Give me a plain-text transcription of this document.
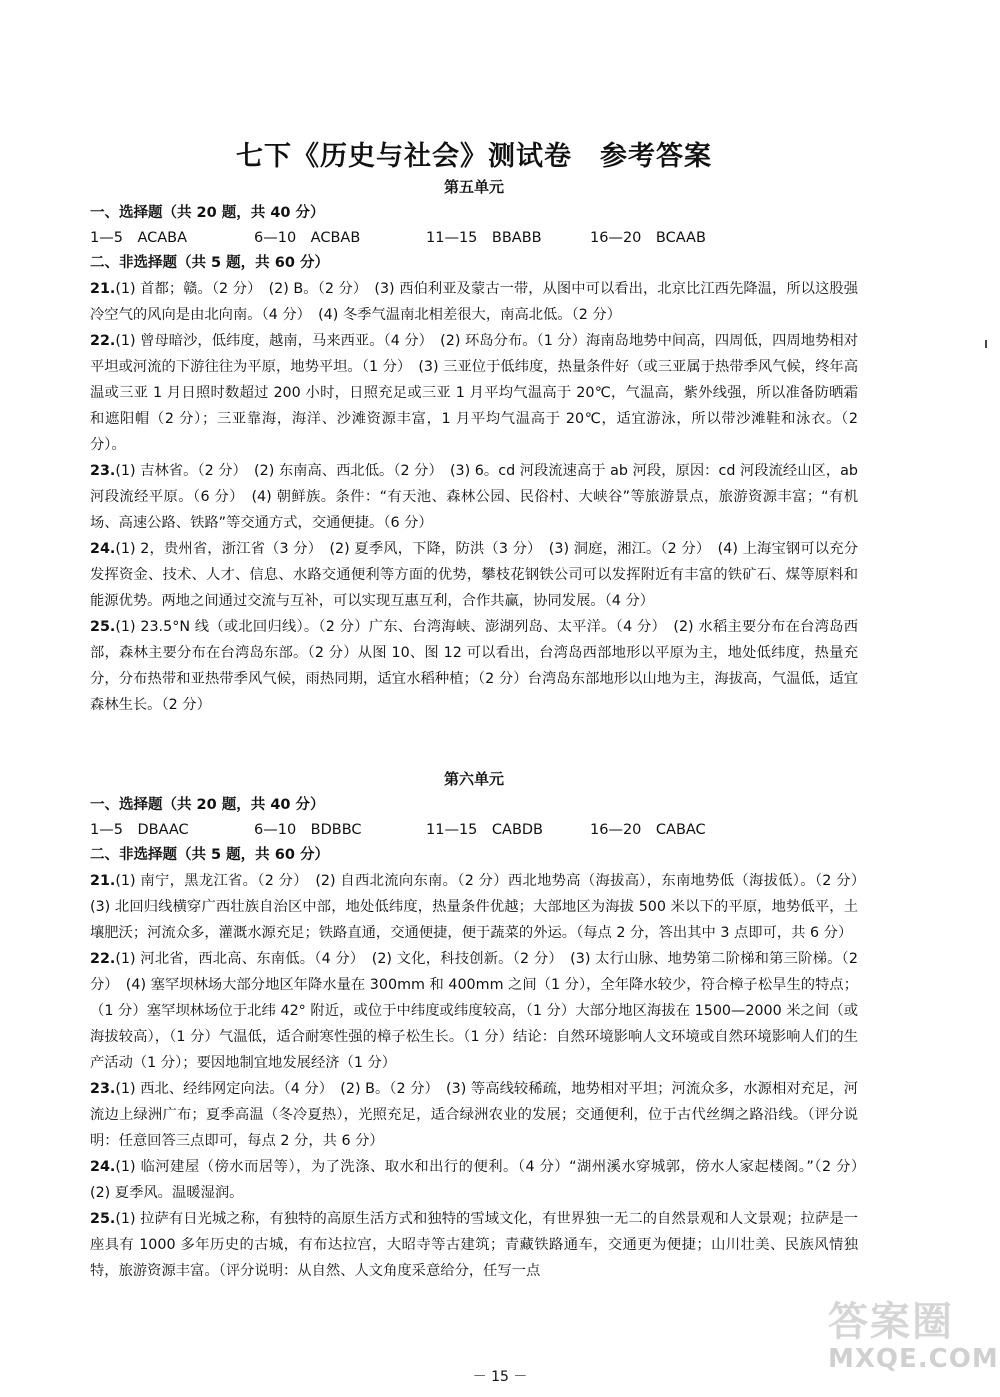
七下《历史与社会》测试卷　参考答案

第五单元

一、选择题（共 20 题，共 40 分）

1—5　ACABA	6—10　ACBAB	11—15　BBABB	16—20　BCAAB

二、非选择题（共 5 题，共 60 分）

21.(1) 首都；赣。（2 分）　(2) B。（2 分）　(3) 西伯利亚及蒙古一带，从图中可以看出，北京比江西先降温，所以这股强冷空气的风向是由北向南。（4 分）　(4) 冬季气温南北相差很大，南高北低。（2 分）

22.(1) 曾母暗沙，低纬度，越南，马来西亚。（4 分）　(2) 环岛分布。（1 分）海南岛地势中间高，四周低，四周地势相对平坦或河流的下游往往为平原，地势平坦。（1 分）　(3) 三亚位于低纬度，热量条件好（或三亚属于热带季风气候，终年高温或三亚 1 月日照时数超过 200 小时，日照充足或三亚 1 月平均气温高于 20℃，气温高，紫外线强，所以准备防晒霜和遮阳帽（2 分）；三亚靠海，海洋、沙滩资源丰富，1 月平均气温高于 20℃，适宜游泳，所以带沙滩鞋和泳衣。（2 分）。

23.(1) 吉林省。（2 分）　(2) 东南高、西北低。（2 分）　(3) 6。cd 河段流速高于 ab 河段，原因：cd 河段流经山区，ab 河段流经平原。（6 分）　(4) 朝鲜族。条件：“有天池、森林公园、民俗村、大峡谷”等旅游景点，旅游资源丰富；“有机场、高速公路、铁路”等交通方式，交通便捷。（6 分）

24.(1) 2，贵州省，浙江省（3 分）　(2) 夏季风，下降，防洪（3 分）　(3) 洞庭，湘江。（2 分）　(4) 上海宝钢可以充分发挥资金、技术、人才、信息、水路交通便利等方面的优势，攀枝花钢铁公司可以发挥附近有丰富的铁矿石、煤等原料和能源优势。两地之间通过交流与互补，可以实现互惠互利，合作共赢，协同发展。（4 分）

25.(1) 23.5°N 线（或北回归线）。（2 分）广东、台湾海峡、澎湖列岛、太平洋。（4 分）　(2) 水稻主要分布在台湾岛西部，森林主要分布在台湾岛东部。（2 分）从图 10、图 12 可以看出，台湾岛西部地形以平原为主，地处低纬度，热量充分，分布热带和亚热带季风气候，雨热同期，适宜水稻种植；（2 分）台湾岛东部地形以山地为主，海拔高，气温低，适宜森林生长。（2 分）

第六单元

一、选择题（共 20 题，共 40 分）

1—5　DBAAC	6—10　BDBBC	11—15　CABDB	16—20　CABAC

二、非选择题（共 5 题，共 60 分）

21.(1) 南宁，黑龙江省。（2 分）　(2) 自西北流向东南。（2 分）西北地势高（海拔高），东南地势低（海拔低）。（2 分）　(3) 北回归线横穿广西壮族自治区中部，地处低纬度，热量条件优越；大部地区为海拔 500 米以下的平原，地势低平，土壤肥沃；河流众多，灌溉水源充足；铁路直通，交通便捷，便于蔬菜的外运。（每点 2 分，答出其中 3 点即可，共 6 分）

22.(1) 河北省，西北高、东南低。（4 分）　(2) 文化，科技创新。（2 分）　(3) 太行山脉、地势第二阶梯和第三阶梯。（2 分）　(4) 塞罕坝林场大部分地区年降水量在 300mm 和 400mm 之间（1 分），全年降水较少，符合樟子松旱生的特点；（1 分）塞罕坝林场位于北纬 42° 附近，或位于中纬度或纬度较高，（1 分）大部分地区海拔在 1500—2000 米之间（或海拔较高），（1 分）气温低，适合耐寒性强的樟子松生长。（1 分）结论：自然环境影响人文环境或自然环境影响人们的生产活动（1 分）；要因地制宜地发展经济（1 分）

23.(1) 西北、经纬网定向法。（4 分）　(2) B。（2 分）　(3) 等高线较稀疏，地势相对平坦；河流众多，水源相对充足，河流边上绿洲广布；夏季高温（冬冷夏热），光照充足，适合绿洲农业的发展；交通便利，位于古代丝绸之路沿线。（评分说明：任意回答三点即可，每点 2 分，共 6 分）

24.(1) 临河建屋（傍水而居等），为了洗涤、取水和出行的便利。（4 分）“湖州溪水穿城郭，傍水人家起楼阁。”（2 分）　(2) 夏季风。温暖湿润。

25.(1) 拉萨有日光城之称，有独特的高原生活方式和独特的雪域文化，有世界独一无二的自然景观和人文景观；拉萨是一座具有 1000 多年历史的古城，有布达拉宫，大昭寺等古建筑；青藏铁路通车，交通更为便捷；山川壮美、民族风情独特，旅游资源丰富。（评分说明：从自然、人文角度采意给分，任写一点

－ 15 －
答案圈
MXQE.COM
